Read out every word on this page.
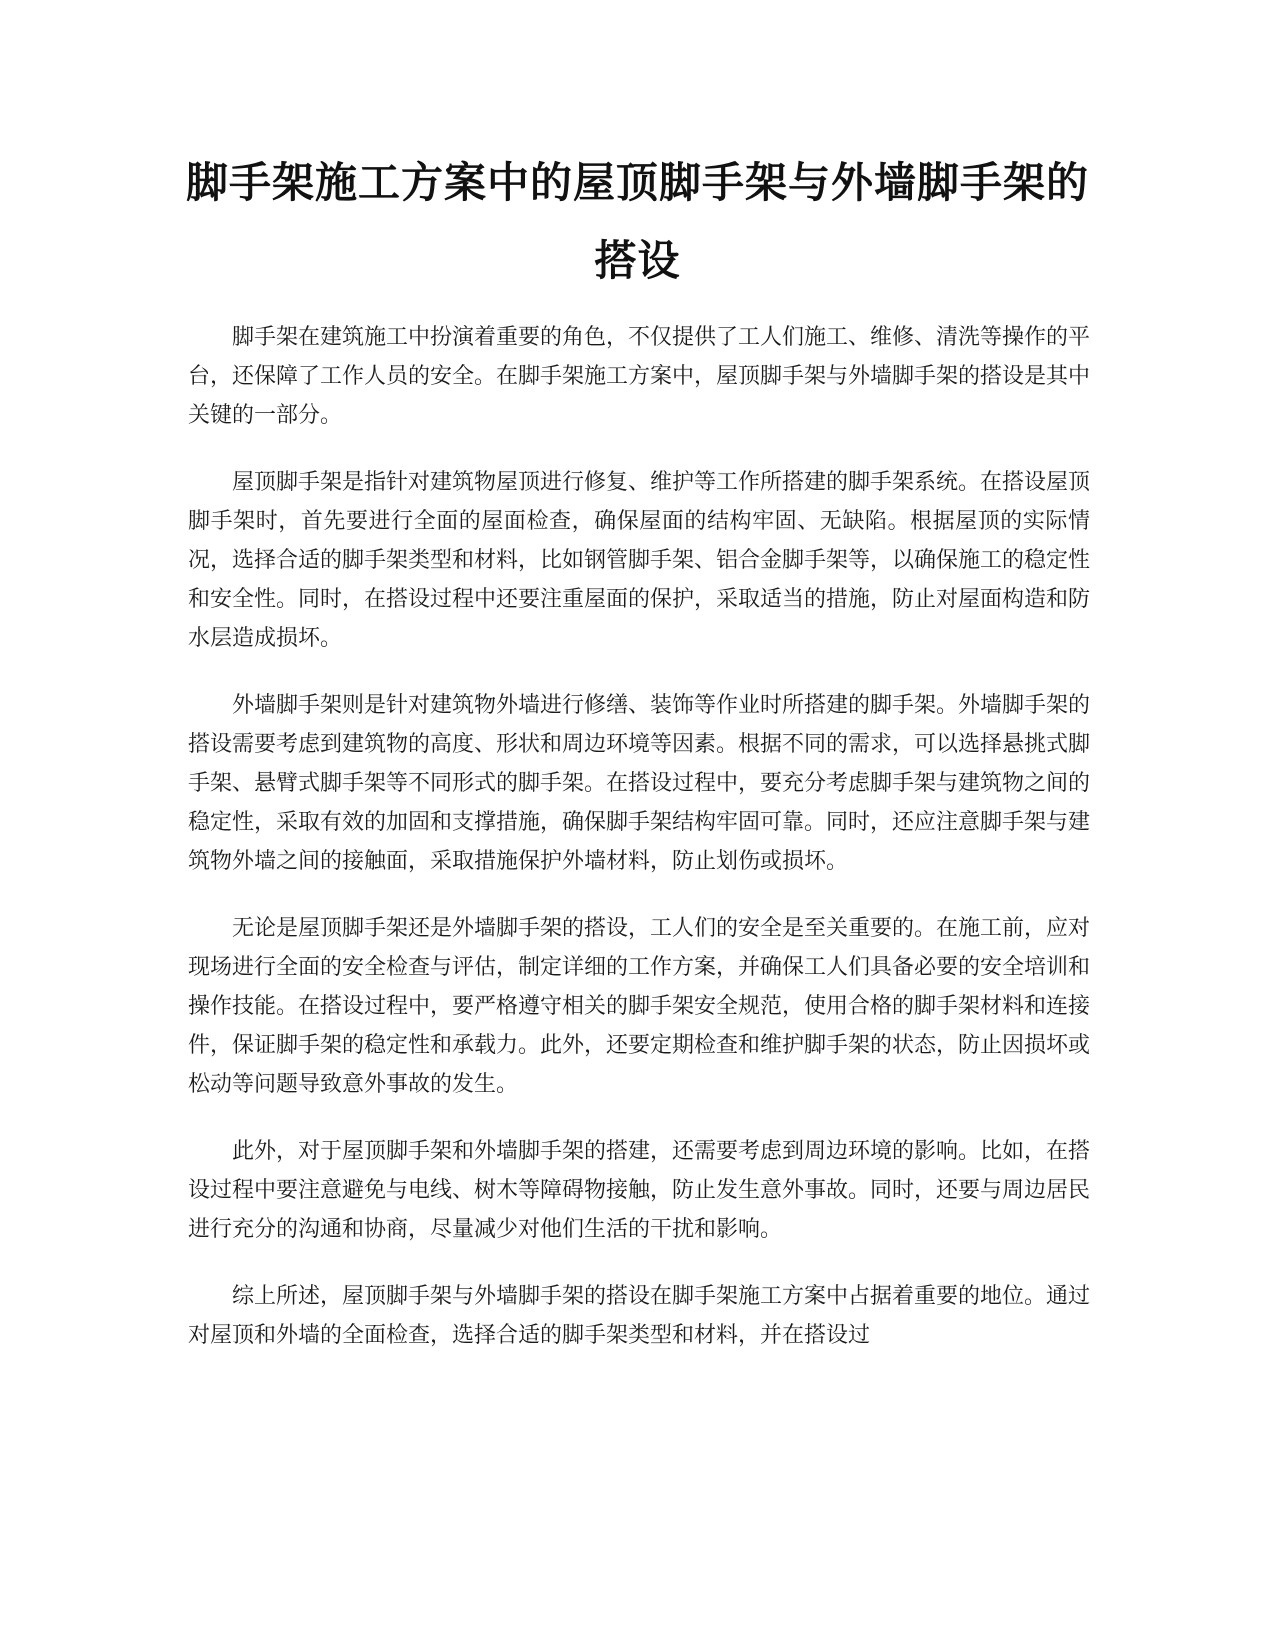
脚手架施工方案中的屋顶脚手架与外墙脚手架的搭设

脚手架在建筑施工中扮演着重要的角色，不仅提供了工人们施工、维修、清洗等操作的平台，还保障了工作人员的安全。在脚手架施工方案中，屋顶脚手架与外墙脚手架的搭设是其中关键的一部分。

屋顶脚手架是指针对建筑物屋顶进行修复、维护等工作所搭建的脚手架系统。在搭设屋顶脚手架时，首先要进行全面的屋面检查，确保屋面的结构牢固、无缺陷。根据屋顶的实际情况，选择合适的脚手架类型和材料，比如钢管脚手架、铝合金脚手架等，以确保施工的稳定性和安全性。同时，在搭设过程中还要注重屋面的保护，采取适当的措施，防止对屋面构造和防水层造成损坏。

外墙脚手架则是针对建筑物外墙进行修缮、装饰等作业时所搭建的脚手架。外墙脚手架的搭设需要考虑到建筑物的高度、形状和周边环境等因素。根据不同的需求，可以选择悬挑式脚手架、悬臂式脚手架等不同形式的脚手架。在搭设过程中，要充分考虑脚手架与建筑物之间的稳定性，采取有效的加固和支撑措施，确保脚手架结构牢固可靠。同时，还应注意脚手架与建筑物外墙之间的接触面，采取措施保护外墙材料，防止划伤或损坏。

无论是屋顶脚手架还是外墙脚手架的搭设，工人们的安全是至关重要的。在施工前，应对现场进行全面的安全检查与评估，制定详细的工作方案，并确保工人们具备必要的安全培训和操作技能。在搭设过程中，要严格遵守相关的脚手架安全规范，使用合格的脚手架材料和连接件，保证脚手架的稳定性和承载力。此外，还要定期检查和维护脚手架的状态，防止因损坏或松动等问题导致意外事故的发生。

此外，对于屋顶脚手架和外墙脚手架的搭建，还需要考虑到周边环境的影响。比如，在搭设过程中要注意避免与电线、树木等障碍物接触，防止发生意外事故。同时，还要与周边居民进行充分的沟通和协商，尽量减少对他们生活的干扰和影响。

综上所述，屋顶脚手架与外墙脚手架的搭设在脚手架施工方案中占据着重要的地位。通过对屋顶和外墙的全面检查，选择合适的脚手架类型和材料，并在搭设过
